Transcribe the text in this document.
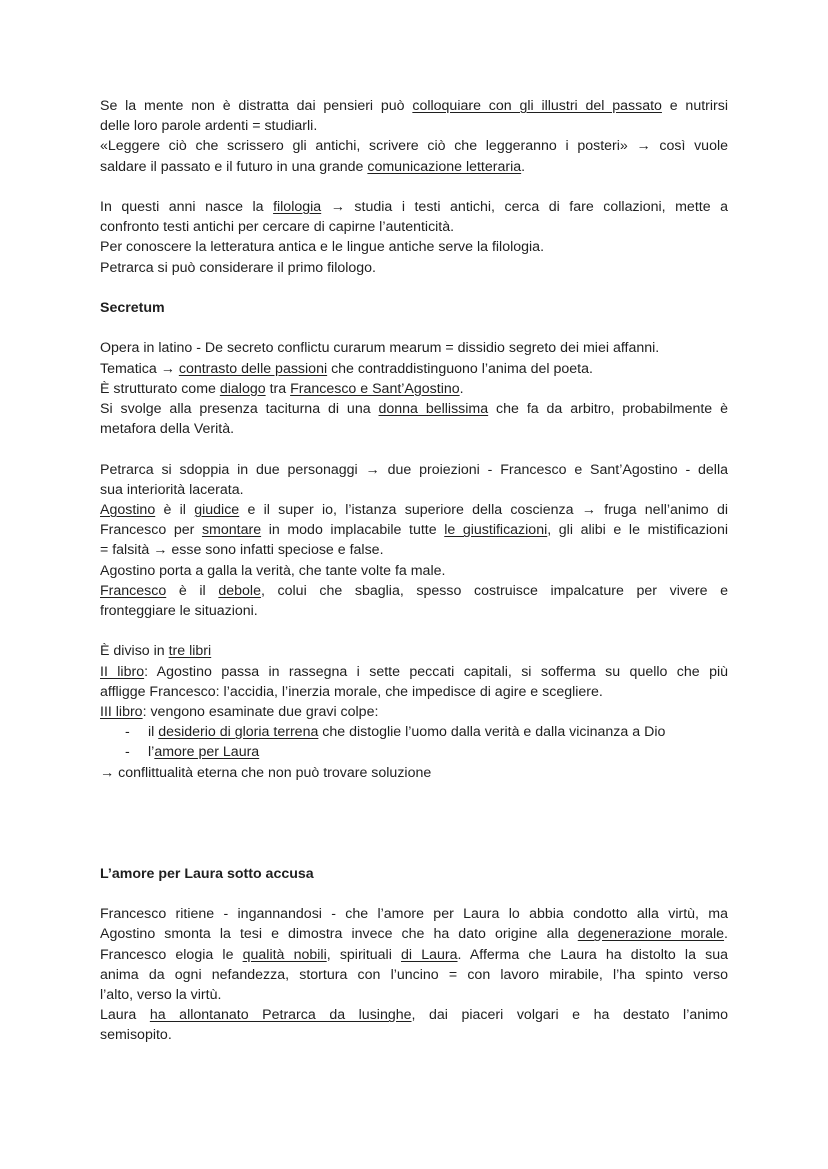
Se la mente non è distratta dai pensieri può colloquiare con gli illustri del passato e nutrirsi

delle loro parole ardenti = studiarli.

«Leggere ciò che scrissero gli antichi, scrivere ciò che leggeranno i posteri» → così vuole

saldare il passato e il futuro in una grande comunicazione letteraria.

In questi anni nasce la filologia → studia i testi antichi, cerca di fare collazioni, mette a

confronto testi antichi per cercare di capirne l’autenticità.

Per conoscere la letteratura antica e le lingue antiche serve la filologia.

Petrarca si può considerare il primo filologo.

Secretum

Opera in latino - De secreto conflictu curarum mearum = dissidio segreto dei miei affanni.

Tematica → contrasto delle passioni che contraddistinguono l’anima del poeta.

È strutturato come dialogo tra Francesco e Sant’Agostino.

Si svolge alla presenza taciturna di una donna bellissima che fa da arbitro, probabilmente è

metafora della Verità.

Petrarca si sdoppia in due personaggi → due proiezioni - Francesco e Sant’Agostino - della

sua interiorità lacerata.

Agostino è il giudice e il super io, l’istanza superiore della coscienza → fruga nell’animo di

Francesco per smontare in modo implacabile tutte le giustificazioni, gli alibi e le mistificazioni

= falsità → esse sono infatti speciose e false.

Agostino porta a galla la verità, che tante volte fa male.

Francesco è il debole, colui che sbaglia, spesso costruisce impalcature per vivere e

fronteggiare le situazioni.

È diviso in tre libri

II libro: Agostino passa in rassegna i sette peccati capitali, si sofferma su quello che più

affligge Francesco: l’accidia, l’inerzia morale, che impedisce di agire e scegliere.

III libro: vengono esaminate due gravi colpe:

- il desiderio di gloria terrena che distoglie l’uomo dalla verità e dalla vicinanza a Dio
- l’amore per Laura

→ conflittualità eterna che non può trovare soluzione

L’amore per Laura sotto accusa

Francesco ritiene - ingannandosi - che l’amore per Laura lo abbia condotto alla virtù, ma

Agostino smonta la tesi e dimostra invece che ha dato origine alla degenerazione morale.

Francesco elogia le qualità nobili, spirituali di Laura. Afferma che Laura ha distolto la sua

anima da ogni nefandezza, stortura con l’uncino = con lavoro mirabile, l’ha spinto verso

l’alto, verso la virtù.

Laura ha allontanato Petrarca da lusinghe, dai piaceri volgari e ha destato l’animo

semisopito.
